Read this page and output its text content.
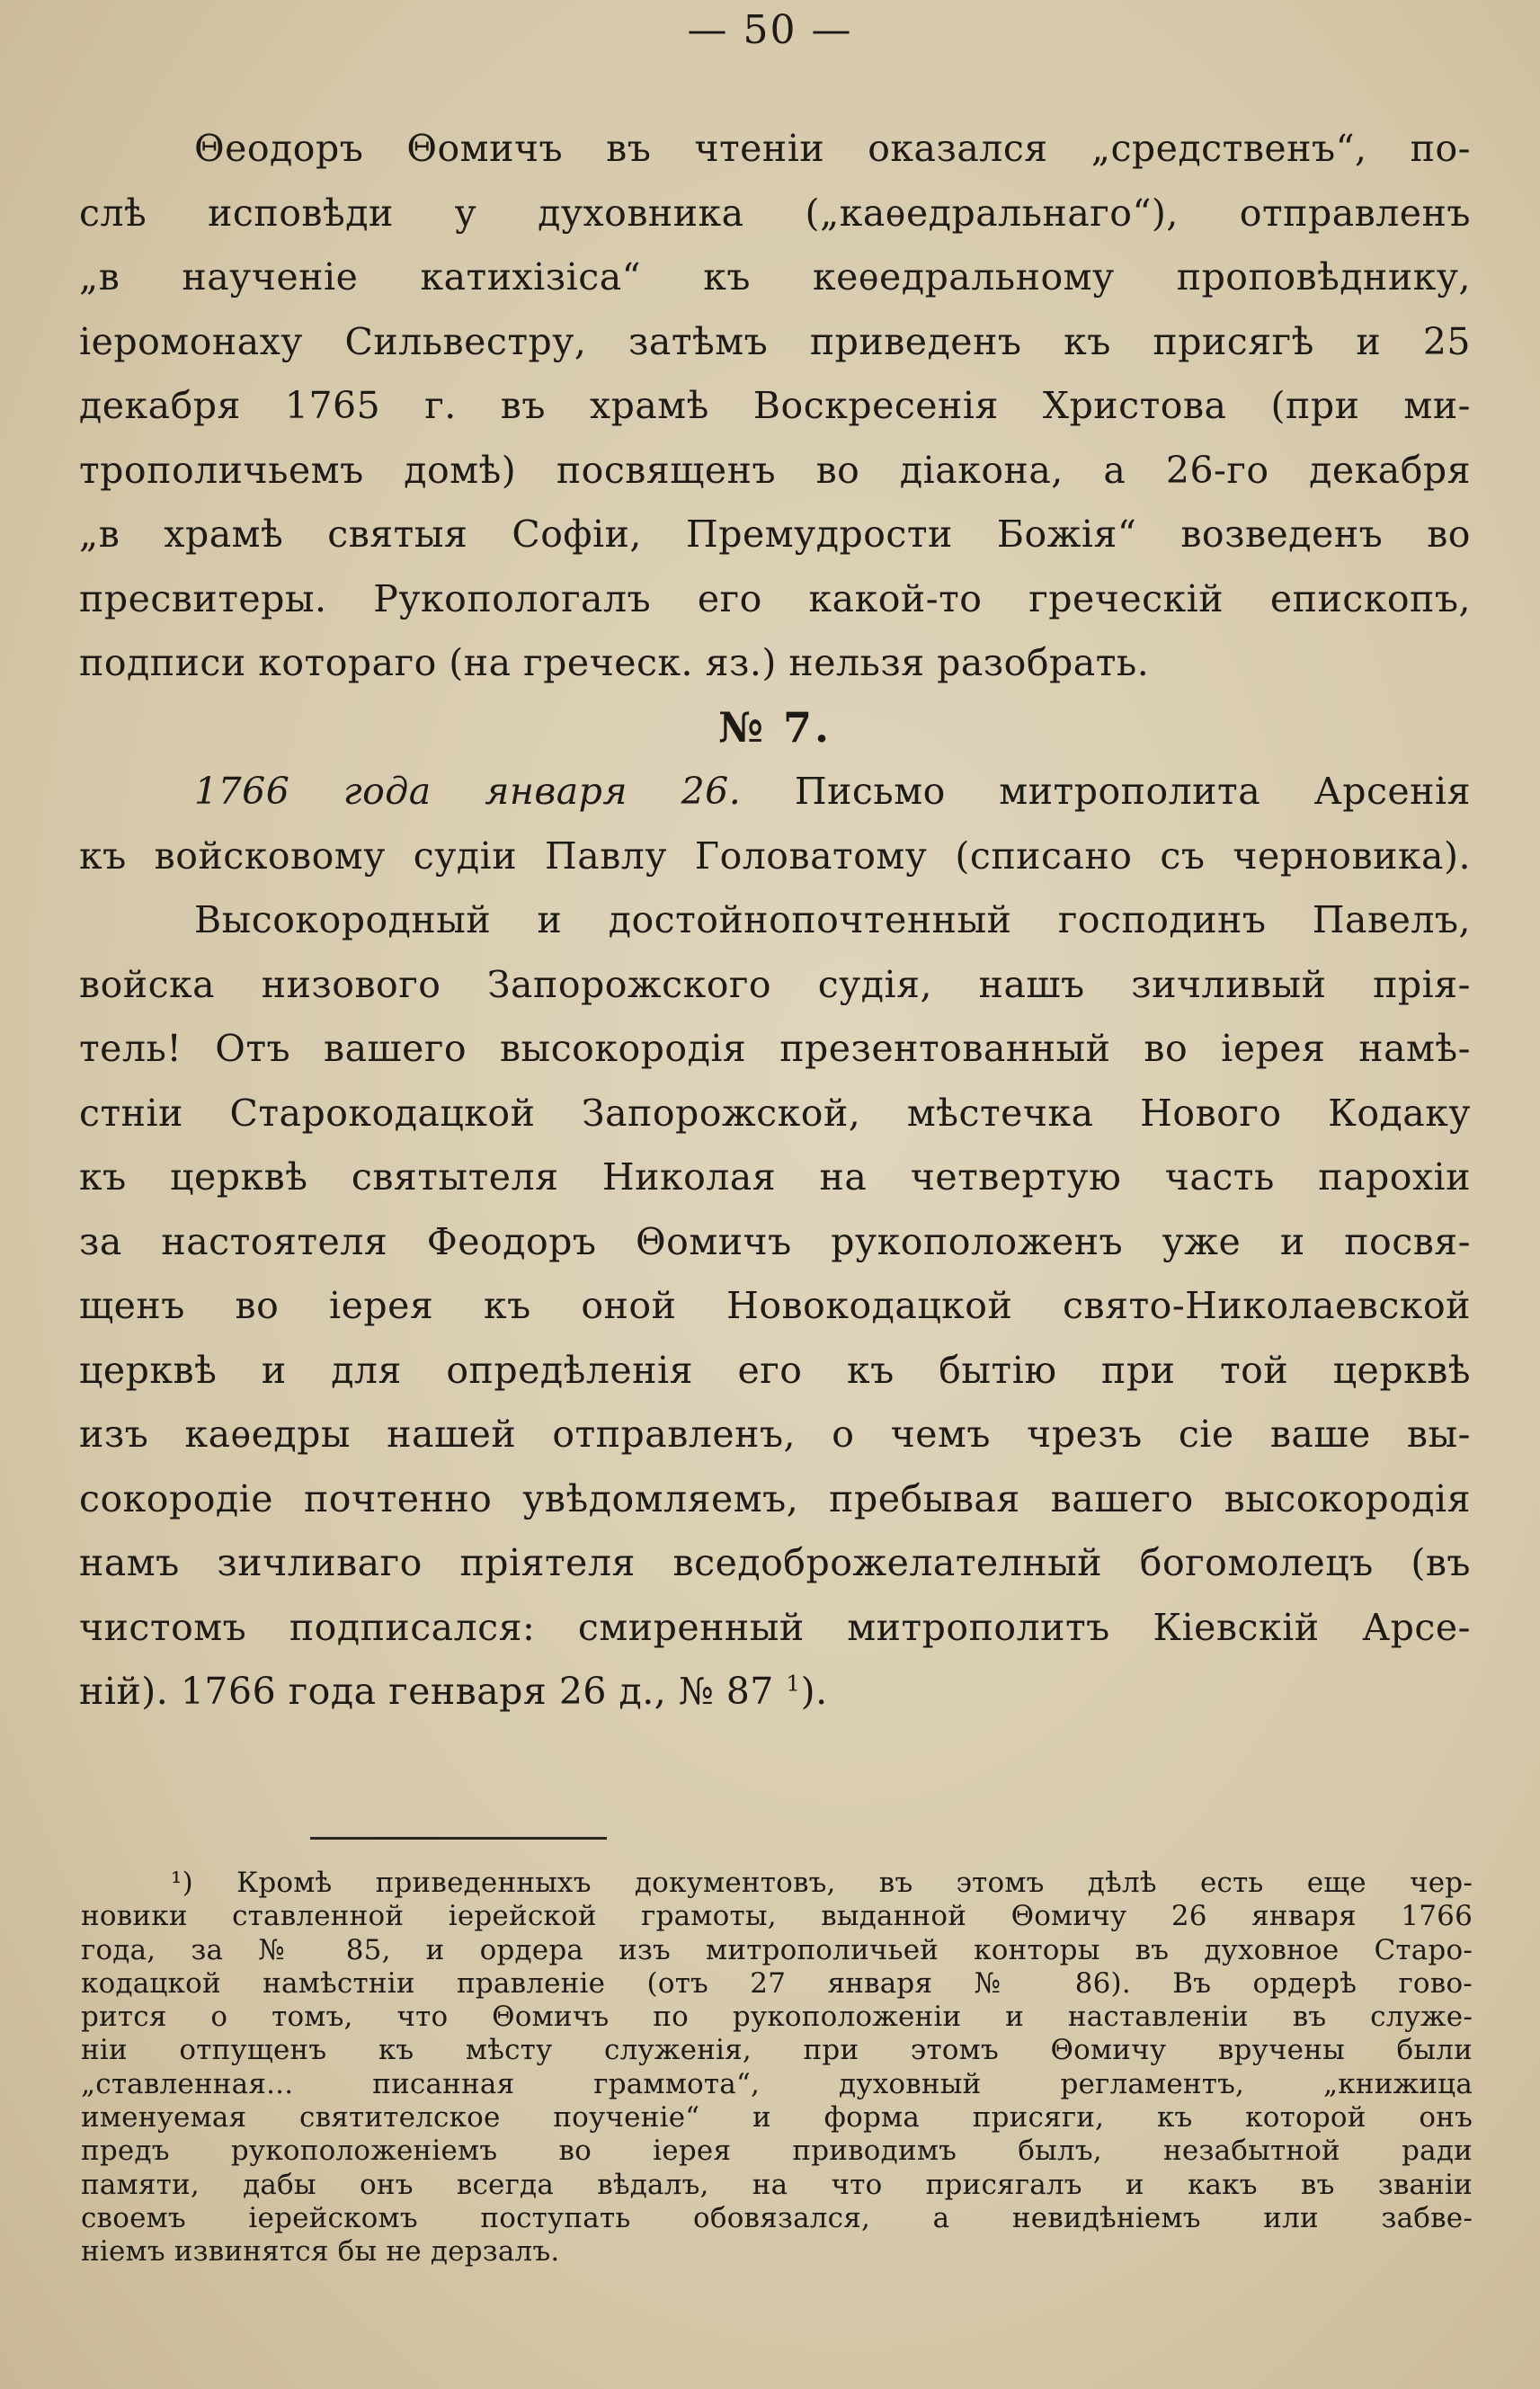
— 50 —
Θеодоръ Θомичъ въ чтеніи оказался „средственъ“, по-
слѣ исповѣди у духовника („каѳедральнаго“), отправленъ
„в наученіе катихізіса“ къ кеѳедральному проповѣднику,
іеромонаху Сильвестру, затѣмъ приведенъ къ присягѣ и 25
декабря 1765 г. въ храмѣ Воскресенія Христова (при ми-
трополичьемъ домѣ) посвященъ во діакона, а 26-го декабря
„в храмѣ святыя Софіи, Премудрости Божія“ возведенъ во
пресвитеры. Рукопологалъ его какой-то греческій епископъ,
подписи котораго (на греческ. яз.) нельзя разобрать.
№ 7.
1766 года января 26. Письмо митрополита Арсенія
къ войсковому судіи Павлу Головатому (списано съ черновика).
Высокородный и достойнопочтенный господинъ Павелъ,
войска низового Запорожского судія, нашъ зичливый прія-
тель! Отъ вашего высокородія презентованный во іерея намѣ-
стніи Старокодацкой Запорожской, мѣстечка Нового Кодаку
къ церквѣ святытеля Николая на четвертую часть парохіи
за настоятеля Феодоръ Θомичъ рукоположенъ уже и посвя-
щенъ во іерея къ оной Новокодацкой свято-Николаевской
церквѣ и для опредѣленія его къ бытію при той церквѣ
изъ каѳедры нашей отправленъ, о чемъ чрезъ сіе ваше вы-
сокородіе почтенно увѣдомляемъ, пребывая вашего высокородія
намъ зичливаго пріятеля вседоброжелателный богомолецъ (въ
чистомъ подписался: смиренный митрополитъ Кіевскій Арсе-
ній). 1766 года генваря 26 д., № 87 $^1$).
¹) Кромѣ приведенныхъ документовъ, въ этомъ дѣлѣ есть еще чер-
новики ставленной іерейской грамоты, выданной Θомичу 26 января 1766
года, за № 85, и ордера изъ митрополичьей конторы въ духовное Старо-
кодацкой намѣстніи правленіе (отъ 27 января № 86). Въ ордерѣ гово-
рится о томъ, что Θомичъ по рукоположеніи и наставленіи въ служе-
ніи отпущенъ къ мѣсту служенія, при этомъ Θомичу вручены были
„ставленная... писанная граммота“, духовный регламентъ, „книжица
именуемая святителское поученіе“ и форма присяги, къ которой онъ
предъ рукоположеніемъ во іерея приводимъ былъ, незабытной ради
памяти, дабы онъ всегда вѣдалъ, на что присягалъ и какъ въ званіи
своемъ іерейскомъ поступать обовязался, а невидѣніемъ или забве-
ніемъ извинятся бы не дерзалъ.
